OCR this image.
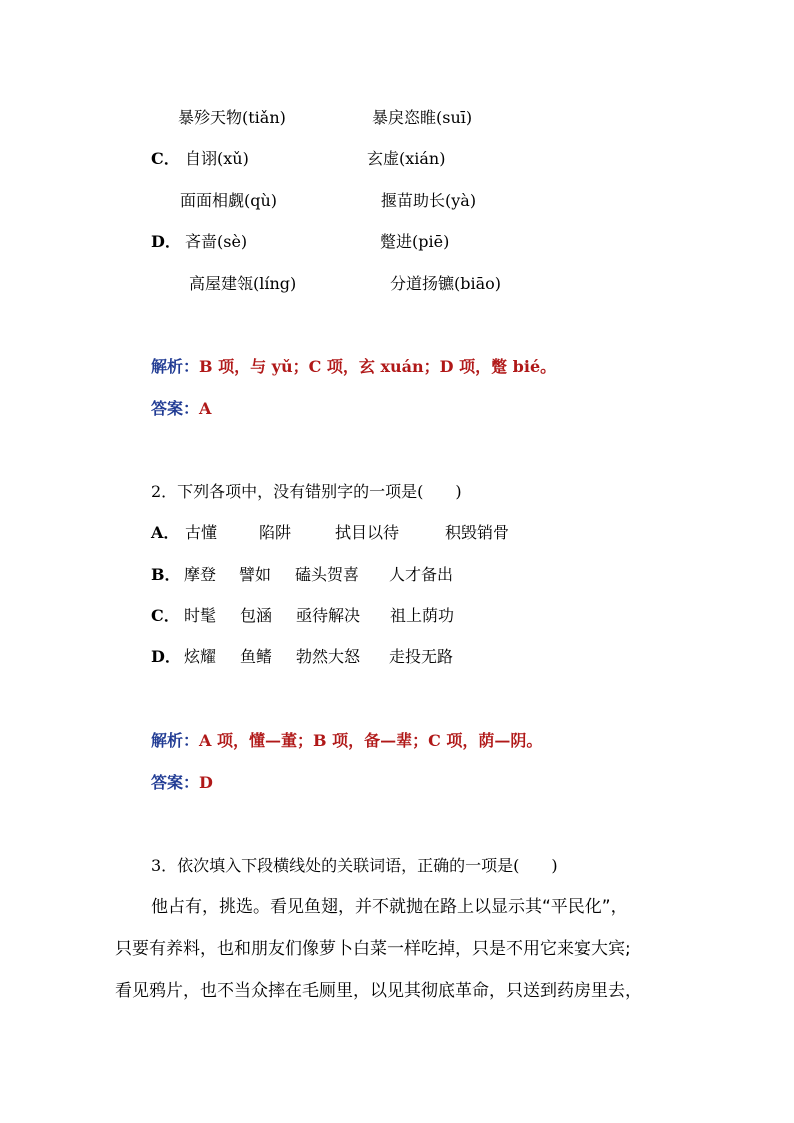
暴殄天物(tiǎn)	暴戾恣睢(suī)
C． 自诩(xǔ)	玄虚(xián)
面面相觑(qù)	揠苗助长(yà)
D． 吝啬(sè)	蹩进(piē)
高屋建瓴(líng)	分道扬镳(biāo)
解析：B 项，与 yǔ；C 项，玄 xuán；D 项，蹩 bié。
答案：A
2．下列各项中，没有错别字的一项是(　　)
A． 古懂	陷阱	拭目以待	积毁销骨
B． 摩登 譬如 磕头贺喜 人才备出
C． 时髦 包涵 亟待解决 祖上荫功
D． 炫耀 鱼鳍 勃然大怒 走投无路
解析：A 项，懂—董；B 项，备—辈；C 项，荫—阴。
答案：D
3．依次填入下段横线处的关联词语，正确的一项是(　　)
他占有，挑选。看见鱼翅，并不就抛在路上以显示其“平民化”，
只要有养料，也和朋友们像萝卜白菜一样吃掉，只是不用它来宴大宾;
看见鸦片，也不当众摔在毛厕里，以见其彻底革命，只送到药房里去，
